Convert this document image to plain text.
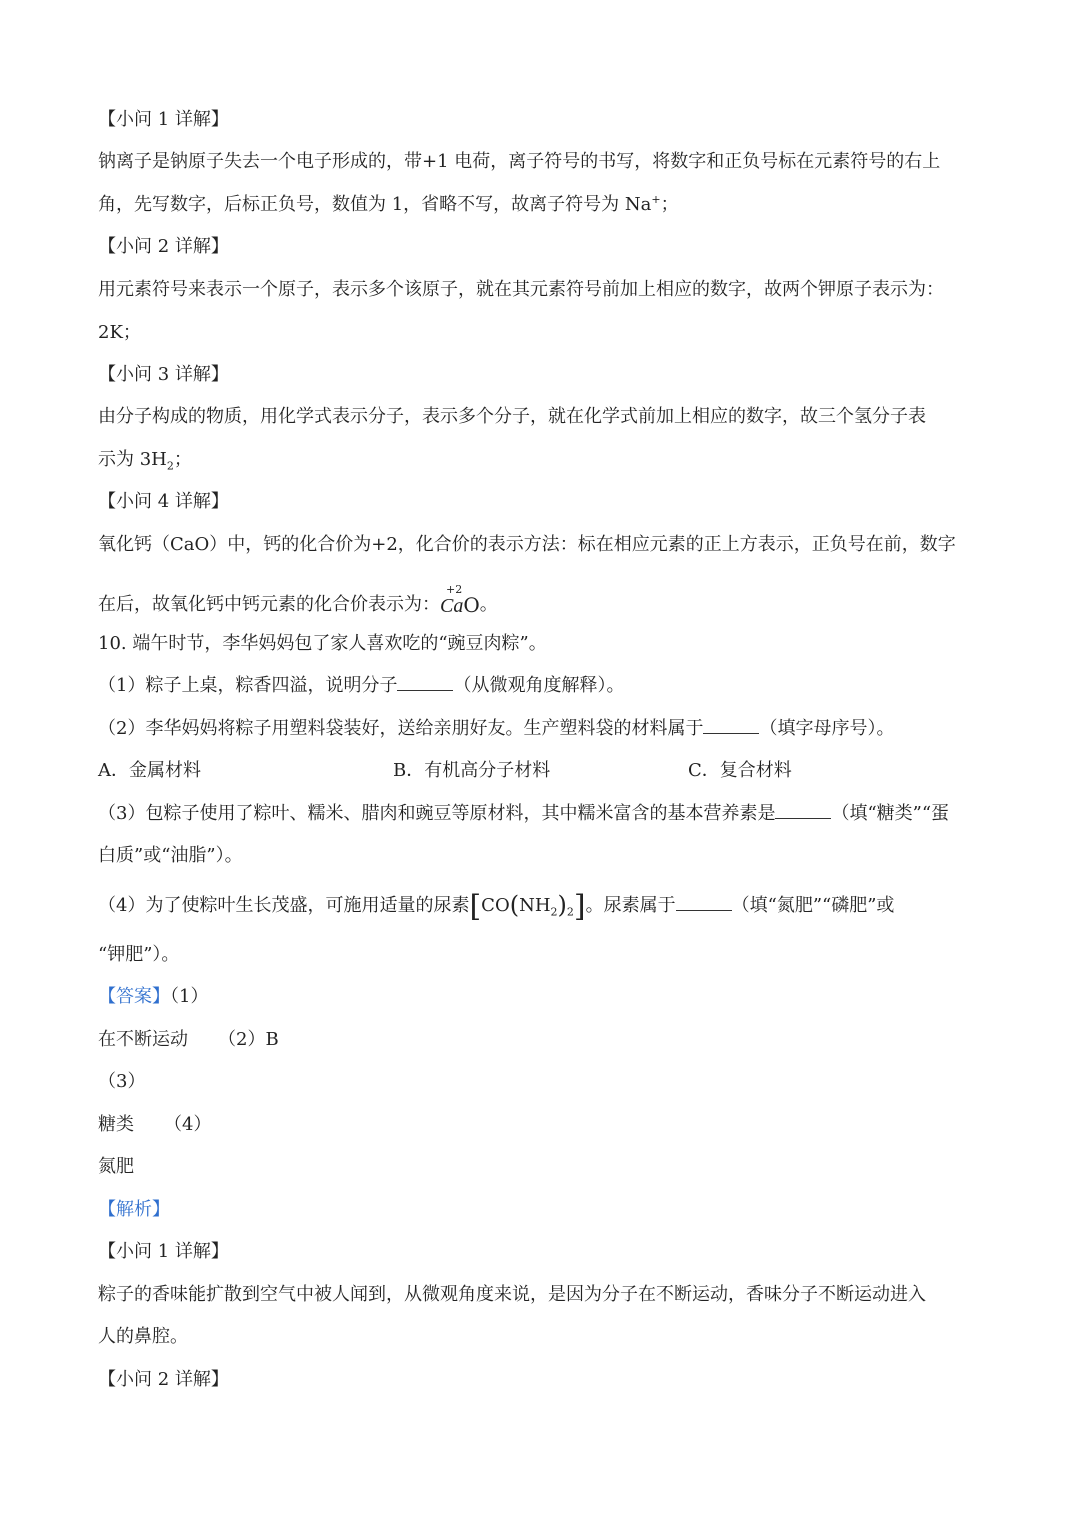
【小问 1 详解】
钠离子是钠原子失去一个电子形成的，带+1 电荷，离子符号的书写，将数字和正负号标在元素符号的右上
角，先写数字，后标正负号，数值为 1，省略不写，故离子符号为 Na+；
【小问 2 详解】
用元素符号来表示一个原子，表示多个该原子，就在其元素符号前加上相应的数字，故两个钾原子表示为：
2K；
【小问 3 详解】
由分子构成的物质，用化学式表示分子，表示多个分子，就在化学式前加上相应的数字，故三个氢分子表
示为 $3H_2$；
【小问 4 详解】
氧化钙（CaO）中，钙的化合价为+2，化合价的表示方法：标在相应元素的正上方表示，正负号在前，数字
在后，故氧化钙中钙元素的化合价表示为：
+2
CaO 。
10. 端午时节，李华妈妈包了家人喜欢吃的“豌豆肉粽”。
（1）粽子上桌，粽香四溢，说明分子	（从微观角度解释）。
（2）李华妈妈将粽子用塑料袋装好，送给亲朋好友。生产塑料袋的材料属于	（填字母序号）。
A．金属材料	B．有机高分子材料	C．复合材料
（3）包粽子使用了粽叶、糯米、腊肉和豌豆等原材料，其中糯米富含的基本营养素是	（填“糖类”“蛋
白质”或“油脂”）。
（4）为了使粽叶生长茂盛，可施用适量的尿素$[CO(NH_2)_2]$。尿素属于	（填“氮肥”“磷肥”或
“钾肥”）。
【答案】（1）
在不断运动 （2）B
（3）
糖类 （4）
氮肥
【解析】
【小问 1 详解】
粽子的香味能扩散到空气中被人闻到，从微观角度来说，是因为分子在不断运动，香味分子不断运动进入
人的鼻腔。
【小问 2 详解】
